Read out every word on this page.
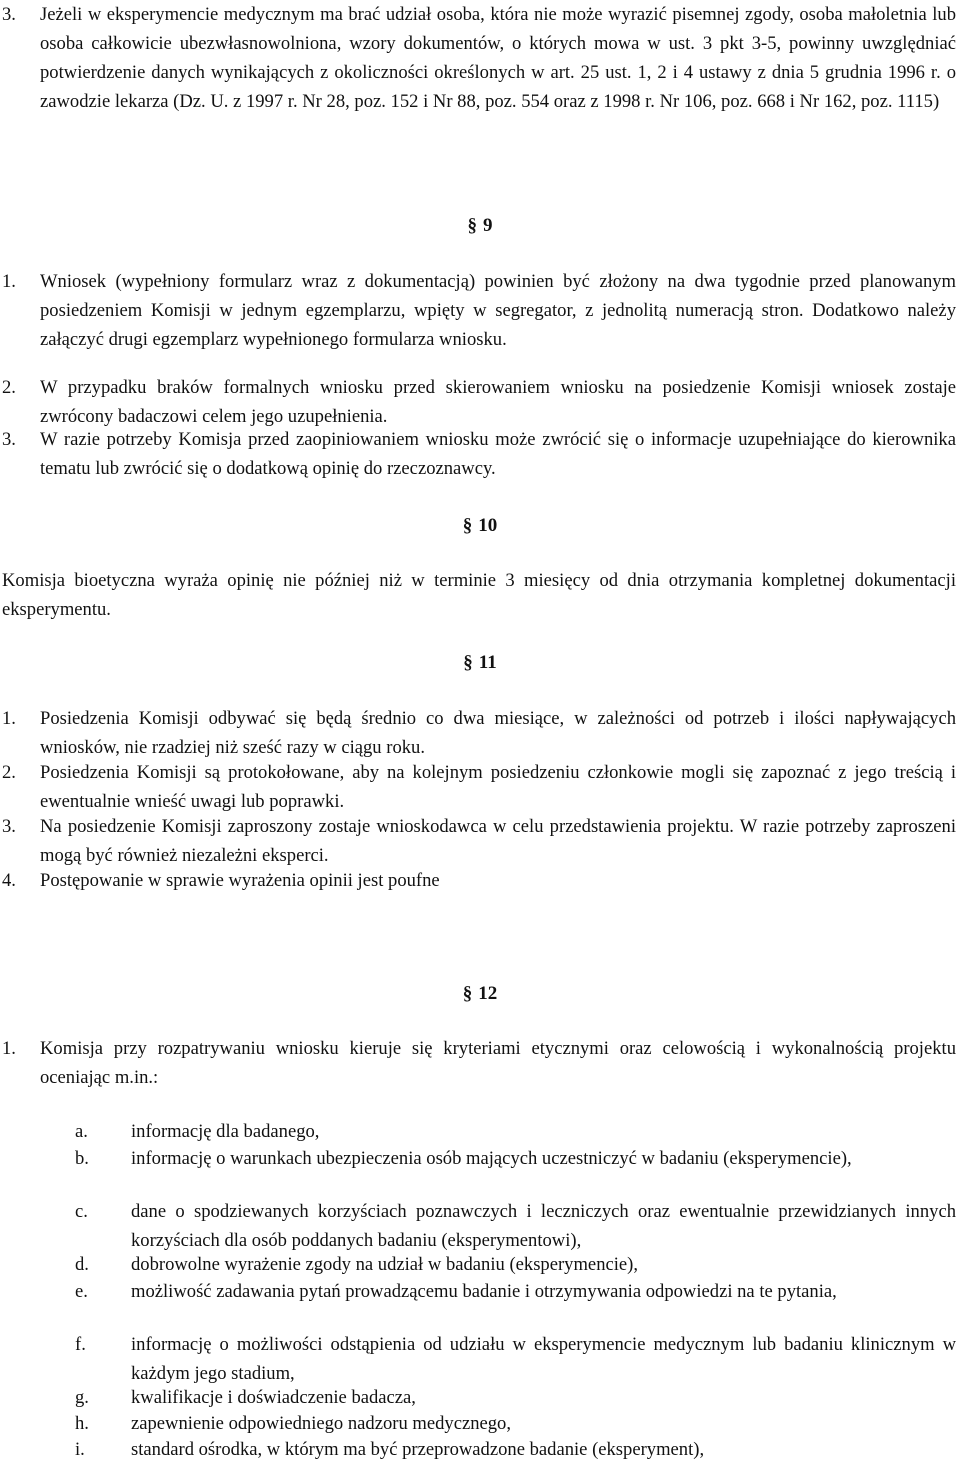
3. Jeżeli w eksperymencie medycznym ma brać udział osoba, która nie może wyrazić pisemnej zgody, osoba małoletnia lub osoba całkowicie ubezwłasnowolniona, wzory dokumentów, o których mowa w ust. 3 pkt 3-5, powinny uwzględniać potwierdzenie danych wynikających z okoliczności określonych w art. 25 ust. 1, 2 i 4 ustawy z dnia 5 grudnia 1996 r. o zawodzie lekarza (Dz. U. z 1997 r. Nr 28, poz. 152 i Nr 88, poz. 554 oraz z 1998 r. Nr 106, poz. 668 i Nr 162, poz. 1115)
§ 9
1. Wniosek (wypełniony formularz wraz z dokumentacją) powinien być złożony na dwa tygodnie przed planowanym posiedzeniem Komisji w jednym egzemplarzu, wpięty w segregator, z jednolitą numeracją stron. Dodatkowo należy załączyć drugi egzemplarz wypełnionego formularza wniosku.
2. W przypadku braków formalnych wniosku przed skierowaniem wniosku na posiedzenie Komisji wniosek zostaje zwrócony badaczowi celem jego uzupełnienia.
3. W razie potrzeby Komisja przed zaopiniowaniem wniosku może zwrócić się o informacje uzupełniające do kierownika tematu lub zwrócić się o dodatkową opinię do rzeczoznawcy.
§ 10
Komisja bioetyczna wyraża opinię nie później niż w terminie 3 miesięcy od dnia otrzymania kompletnej dokumentacji eksperymentu.
§ 11
1. Posiedzenia Komisji odbywać się będą średnio co dwa miesiące, w zależności od potrzeb i ilości napływających wniosków, nie rzadziej niż sześć razy w ciągu roku.
2. Posiedzenia Komisji są protokołowane, aby na kolejnym posiedzeniu członkowie mogli się zapoznać z jego treścią i ewentualnie wnieść uwagi lub poprawki.
3. Na posiedzenie Komisji zaproszony zostaje wnioskodawca w celu przedstawienia projektu. W razie potrzeby zaproszeni mogą być również niezależni eksperci.
4. Postępowanie w sprawie wyrażenia opinii jest poufne
§ 12
1. Komisja przy rozpatrywaniu wniosku kieruje się kryteriami etycznymi oraz celowością i wykonalnością projektu oceniając m.in.:
a.	informację dla badanego,
b.	informację o warunkach ubezpieczenia osób mających uczestniczyć w badaniu (eksperymencie),
c.	dane o spodziewanych korzyściach poznawczych i leczniczych oraz ewentualnie przewidzianych innych korzyściach dla osób poddanych badaniu (eksperymentowi),
d.	dobrowolne wyrażenie zgody na udział w badaniu (eksperymencie),
e.	możliwość zadawania pytań prowadzącemu badanie i otrzymywania odpowiedzi na te pytania,
f.	informację o możliwości odstąpienia od udziału w eksperymencie medycznym lub badaniu klinicznym w każdym jego stadium,
g.	kwalifikacje i doświadczenie badacza,
h.	zapewnienie odpowiedniego nadzoru medycznego,
i.	standard ośrodka, w którym ma być przeprowadzone badanie (eksperyment),
